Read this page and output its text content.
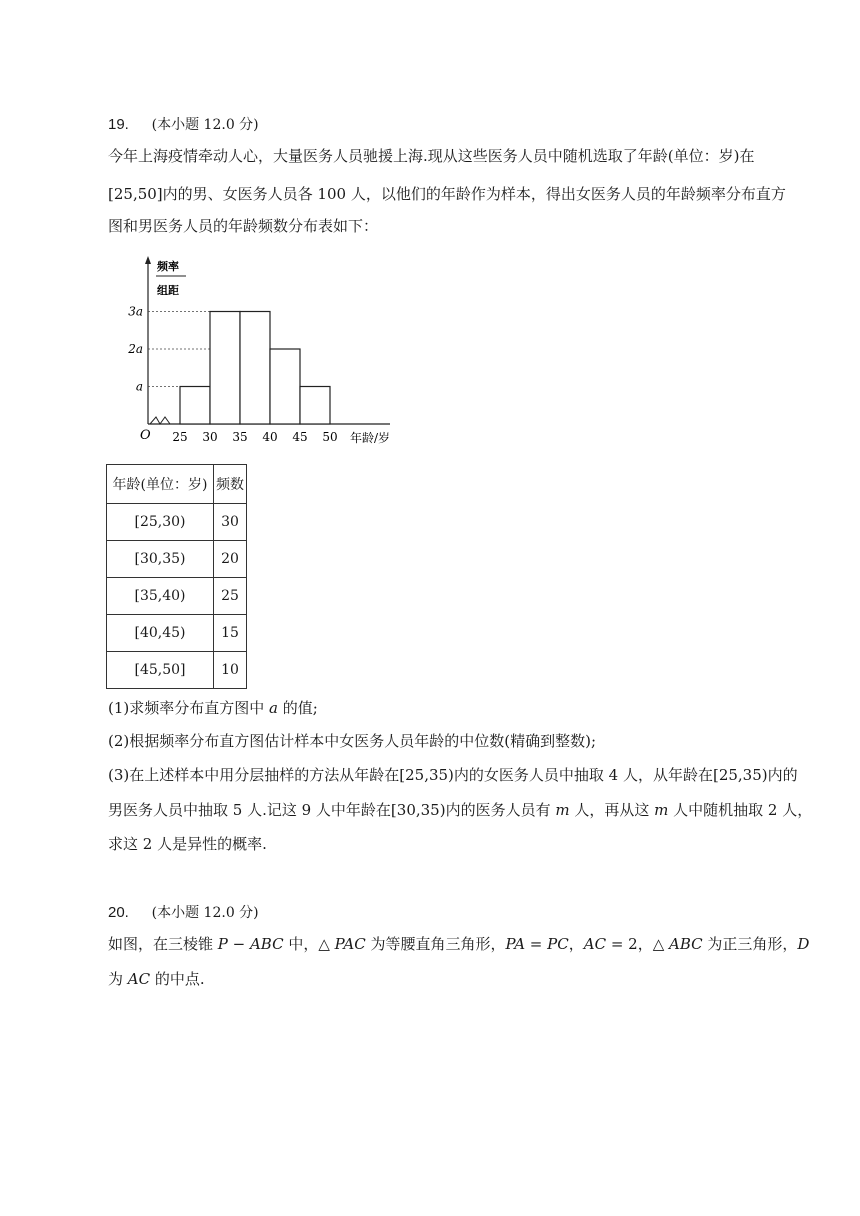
19. (本小题 12.0 分)
今年上海疫情牵动人心，大量医务人员驰援上海.现从这些医务人员中随机选取了年龄(单位：岁)在
[25,50]内的男、女医务人员各 100 人，以他们的年龄作为样本，得出女医务人员的年龄频率分布直方
图和男医务人员的年龄频数分布表如下：
频率
组距
a
2a
3a
25 30 35 40 45 50
O	年龄/岁
年龄(单位：岁)	频数
[25,30)	30
[30,35)	20
[35,40)	25
[40,45)	15
[45,50]	10
(1)求频率分布直方图中 a 的值;
(2)根据频率分布直方图估计样本中女医务人员年龄的中位数(精确到整数);
(3)在上述样本中用分层抽样的方法从年龄在[25,35)内的女医务人员中抽取 4 人，从年龄在[25,35)内的
男医务人员中抽取 5 人.记这 9 人中年龄在[30,35)内的医务人员有 m 人，再从这 m 人中随机抽取 2 人，
求这 2 人是异性的概率.
20. (本小题 12.0 分)
如图，在三棱锥 P − ABC 中，△ PAC 为等腰直角三角形，PA = PC，AC = 2，△ ABC 为正三角形，D
为 AC 的中点.
